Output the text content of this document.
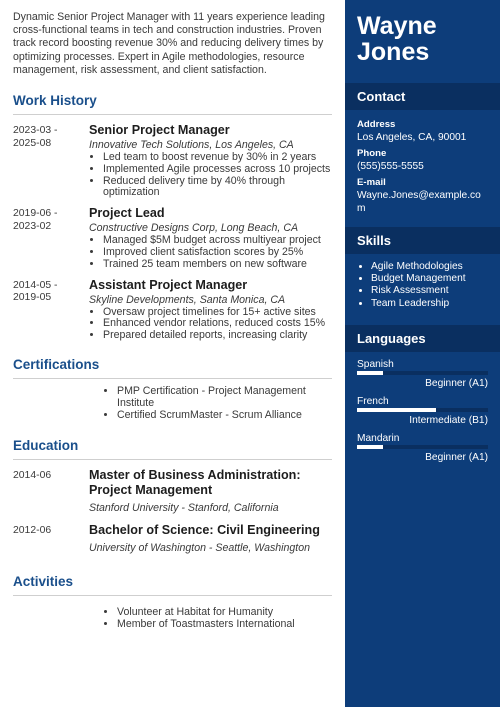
Dynamic Senior Project Manager with 11 years experience leading cross-functional teams in tech and construction industries. Proven track record boosting revenue 30% and reducing delivery times by optimizing processes. Expert in Agile methodologies, resource management, risk assessment, and client satisfaction.

Work History
2023-03 -
2025-08
Senior Project Manager
Innovative Tech Solutions, Los Angeles, CA
• Led team to boost revenue by 30% in 2 years
• Implemented Agile processes across 10 projects
• Reduced delivery time by 40% through optimization
2019-06 -
2023-02
Project Lead
Constructive Designs Corp, Long Beach, CA
• Managed $5M budget across multiyear project
• Improved client satisfaction scores by 25%
• Trained 25 team members on new software
2014-05 -
2019-05
Assistant Project Manager
Skyline Developments, Santa Monica, CA
• Oversaw project timelines for 15+ active sites
• Enhanced vendor relations, reduced costs 15%
• Prepared detailed reports, increasing clarity
Certifications
• PMP Certification - Project Management Institute
• Certified ScrumMaster - Scrum Alliance
Education
2014-06	Master of Business Administration: Project Management
Stanford University - Stanford, California
2012-06	Bachelor of Science: Civil Engineering
University of Washington - Seattle, Washington
Activities
• Volunteer at Habitat for Humanity
• Member of Toastmasters International
Wayne
Jones
Contact
Address
Los Angeles, CA, 90001
Phone
(555)555-5555
E-mail
Wayne.Jones@example.com
Skills
• Agile Methodologies
• Budget Management
• Risk Assessment
• Team Leadership
Languages
Spanish
Beginner (A1)
French
Intermediate (B1)
Mandarin
Beginner (A1)
